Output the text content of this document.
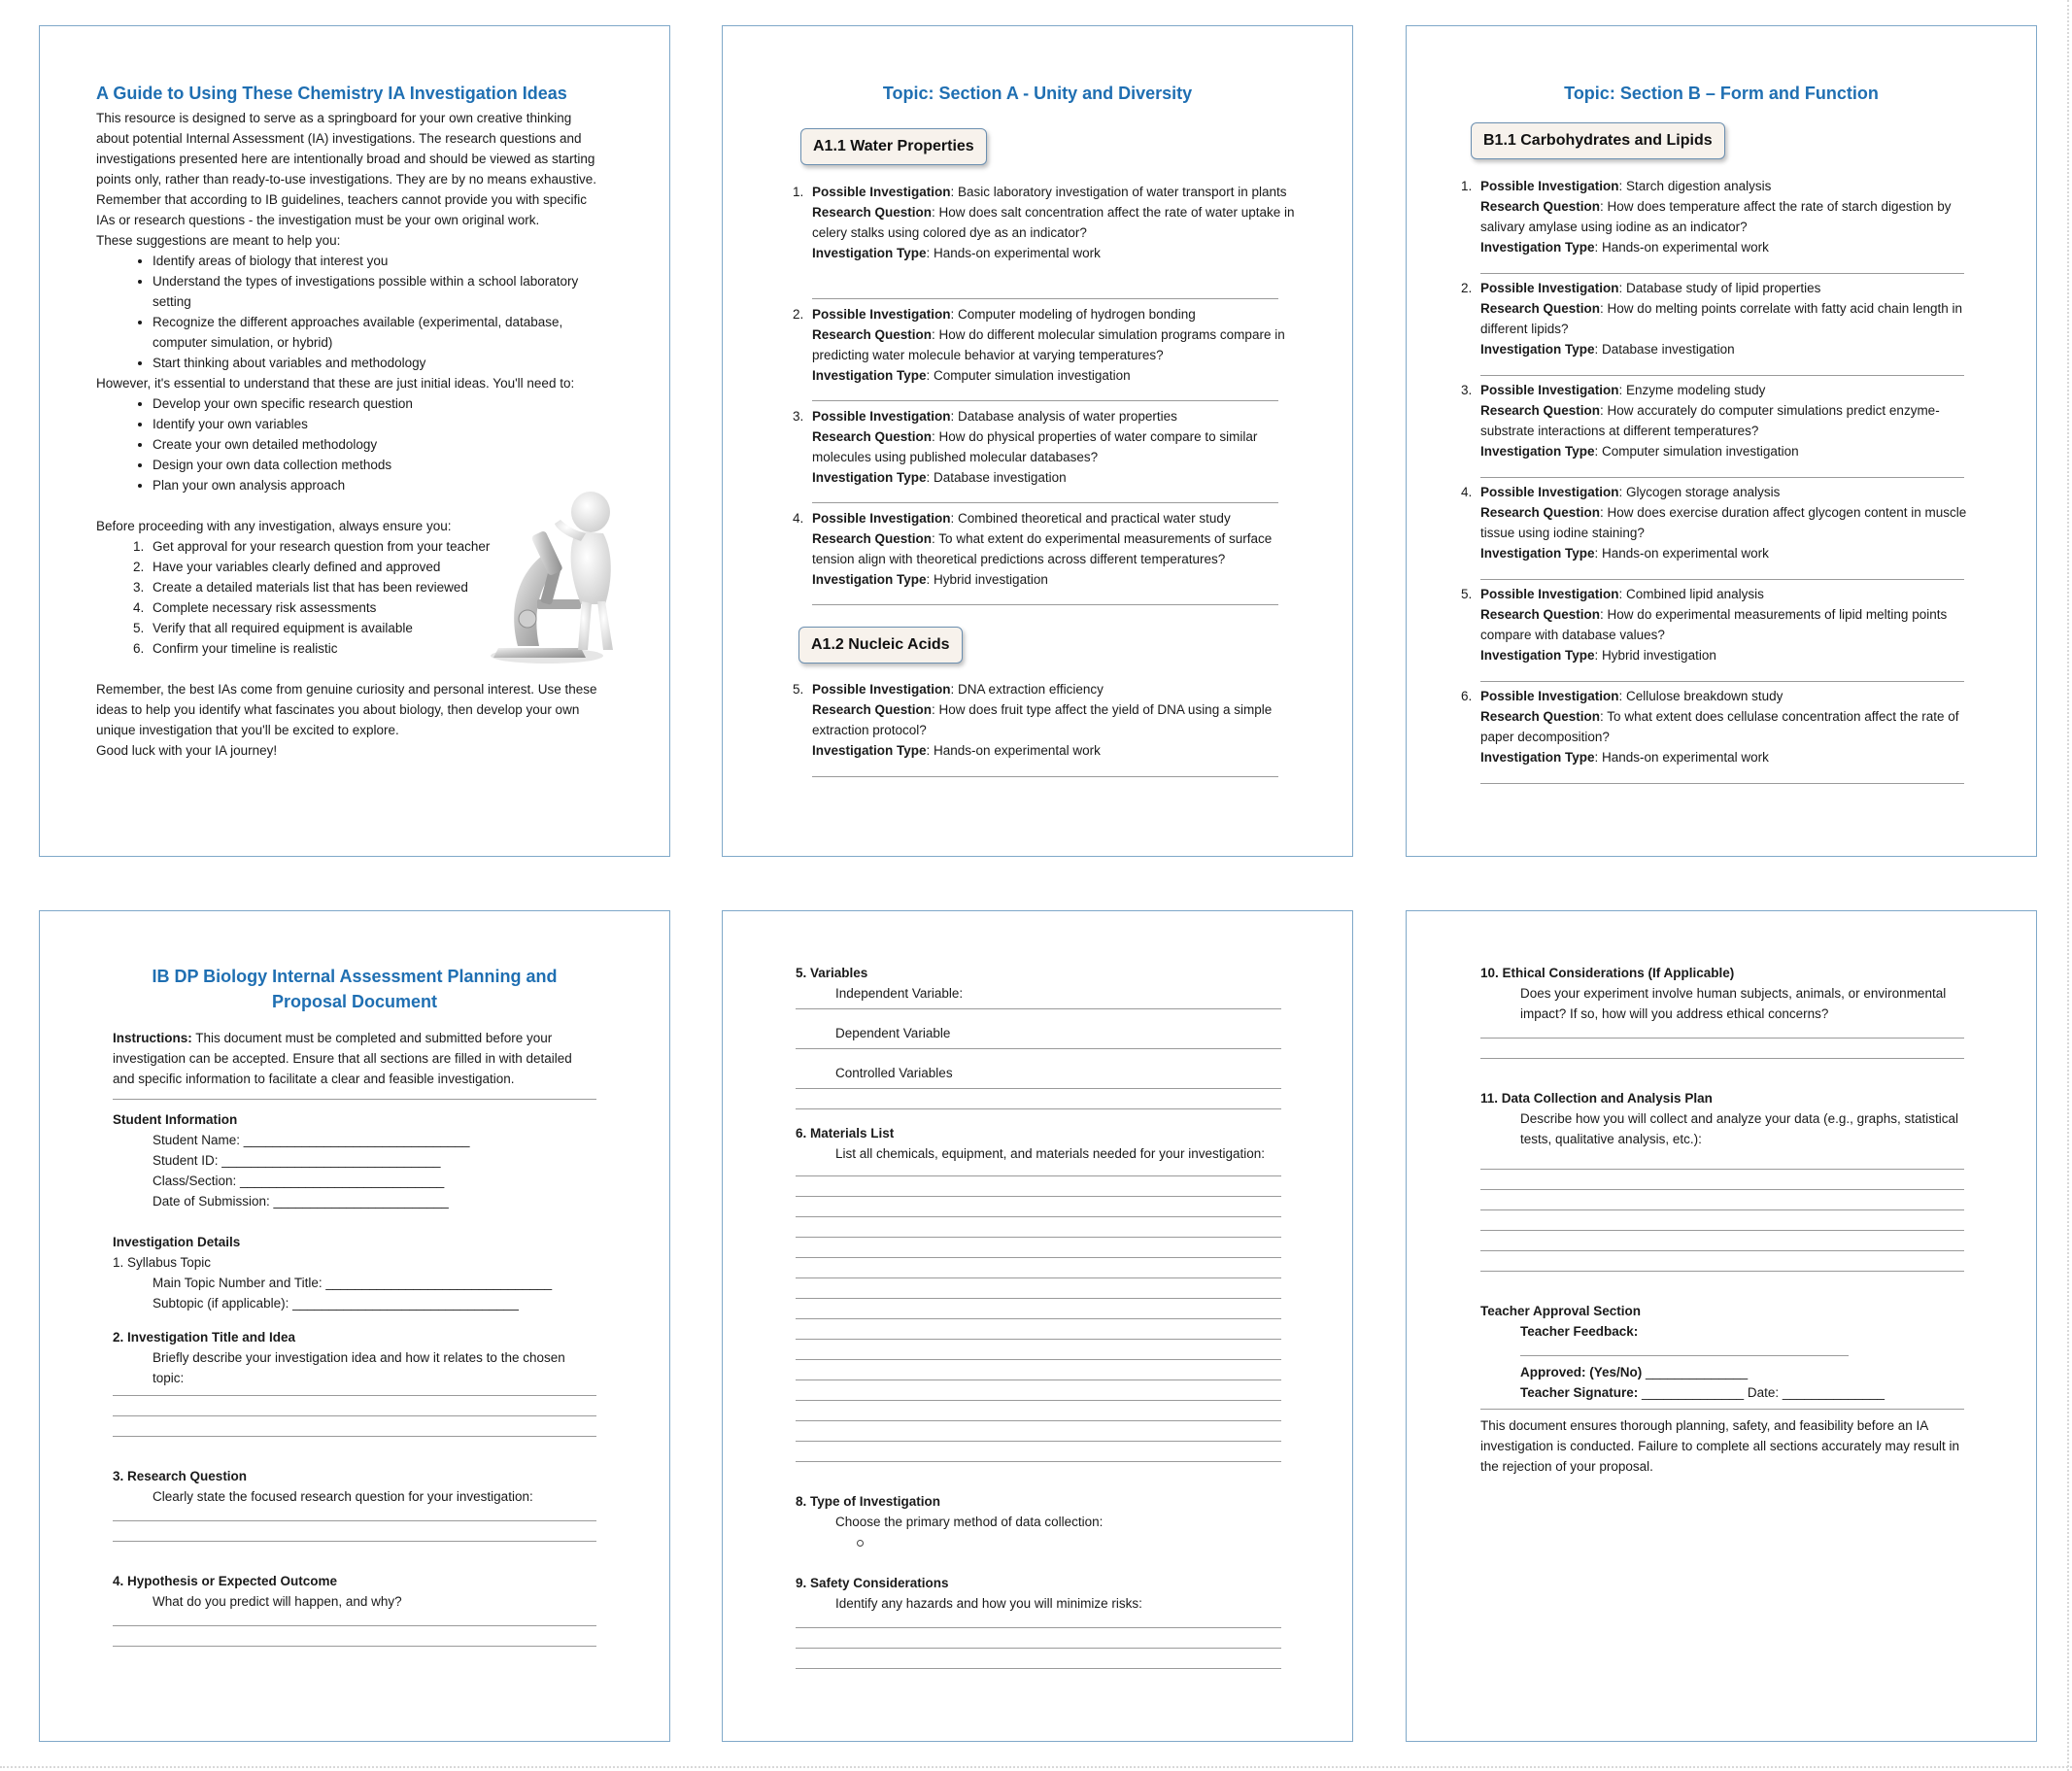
A Guide to Using These Chemistry IA Investigation Ideas

This resource is designed to serve as a springboard for your own creative thinking about potential Internal Assessment (IA) investigations. The research questions and investigations presented here are intentionally broad and should be viewed as starting points only, rather than ready-to-use investigations. They are by no means exhaustive. Remember that according to IB guidelines, teachers cannot provide you with specific IAs or research questions - the investigation must be your own original work.

These suggestions are meant to help you:

• Identify areas of biology that interest you
• Understand the types of investigations possible within a school laboratory setting
• Recognize the different approaches available (experimental, database, computer simulation, or hybrid)
• Start thinking about variables and methodology

However, it's essential to understand that these are just initial ideas. You'll need to:

• Develop your own specific research question
• Identify your own variables
• Create your own detailed methodology
• Design your own data collection methods
• Plan your own analysis approach

Before proceeding with any investigation, always ensure you:

1. Get approval for your research question from your teacher
2. Have your variables clearly defined and approved
3. Create a detailed materials list that has been reviewed
4. Complete necessary risk assessments
5. Verify that all required equipment is available
6. Confirm your timeline is realistic

Remember, the best IAs come from genuine curiosity and personal interest. Use these ideas to help you identify what fascinates you about biology, then develop your own unique investigation that you'll be excited to explore.

Good luck with your IA journey!

Topic: Section A - Unity and Diversity
A1.1 Water Properties
1. Possible Investigation: Basic laboratory investigation of water transport in plants
Research Question: How does salt concentration affect the rate of water uptake in celery stalks using colored dye as an indicator?
Investigation Type: Hands-on experimental work
2. Possible Investigation: Computer modeling of hydrogen bonding
Research Question: How do different molecular simulation programs compare in predicting water molecule behavior at varying temperatures?
Investigation Type: Computer simulation investigation
3. Possible Investigation: Database analysis of water properties
Research Question: How do physical properties of water compare to similar molecules using published molecular databases?
Investigation Type: Database investigation
4. Possible Investigation: Combined theoretical and practical water study
Research Question: To what extent do experimental measurements of surface tension align with theoretical predictions across different temperatures?
Investigation Type: Hybrid investigation
A1.2 Nucleic Acids
5. Possible Investigation: DNA extraction efficiency
Research Question: How does fruit type affect the yield of DNA using a simple extraction protocol?
Investigation Type: Hands-on experimental work
Topic: Section B – Form and Function
B1.1 Carbohydrates and Lipids
1. Possible Investigation: Starch digestion analysis
Research Question: How does temperature affect the rate of starch digestion by salivary amylase using iodine as an indicator?
Investigation Type: Hands-on experimental work
2. Possible Investigation: Database study of lipid properties
Research Question: How do melting points correlate with fatty acid chain length in different lipids?
Investigation Type: Database investigation
3. Possible Investigation: Enzyme modeling study
Research Question: How accurately do computer simulations predict enzyme-substrate interactions at different temperatures?
Investigation Type: Computer simulation investigation
4. Possible Investigation: Glycogen storage analysis
Research Question: How does exercise duration affect glycogen content in muscle tissue using iodine staining?
Investigation Type: Hands-on experimental work
5. Possible Investigation: Combined lipid analysis
Research Question: How do experimental measurements of lipid melting points compare with database values?
Investigation Type: Hybrid investigation
6. Possible Investigation: Cellulose breakdown study
Research Question: To what extent does cellulase concentration affect the rate of paper decomposition?
Investigation Type: Hands-on experimental work
IB DP Biology Internal Assessment Planning and Proposal Document

Instructions: This document must be completed and submitted before your investigation can be accepted. Ensure that all sections are filled in with detailed and specific information to facilitate a clear and feasible investigation.

Student Information
Student Name: _______________________________
Student ID: ______________________________
Class/Section: ____________________________
Date of Submission: ________________________
Investigation Details
1. Syllabus Topic
Main Topic Number and Title: _______________________________
Subtopic (if applicable): _______________________________
2. Investigation Title and Idea
Briefly describe your investigation idea and how it relates to the chosen topic:
3. Research Question
Clearly state the focused research question for your investigation:
4. Hypothesis or Expected Outcome
What do you predict will happen, and why?
5. Variables
Independent Variable:
Dependent Variable
Controlled Variables
6. Materials List
List all chemicals, equipment, and materials needed for your investigation:
8. Type of Investigation
Choose the primary method of data collection:
9. Safety Considerations
Identify any hazards and how you will minimize risks:
10. Ethical Considerations (If Applicable)
Does your experiment involve human subjects, animals, or environmental impact? If so, how will you address ethical concerns?
11. Data Collection and Analysis Plan
Describe how you will collect and analyze your data (e.g., graphs, statistical tests, qualitative analysis, etc.):
Teacher Approval Section
Teacher Feedback:
Approved: (Yes/No) ______________
Teacher Signature: ______________ Date: ______________

This document ensures thorough planning, safety, and feasibility before an IA investigation is conducted. Failure to complete all sections accurately may result in the rejection of your proposal.
